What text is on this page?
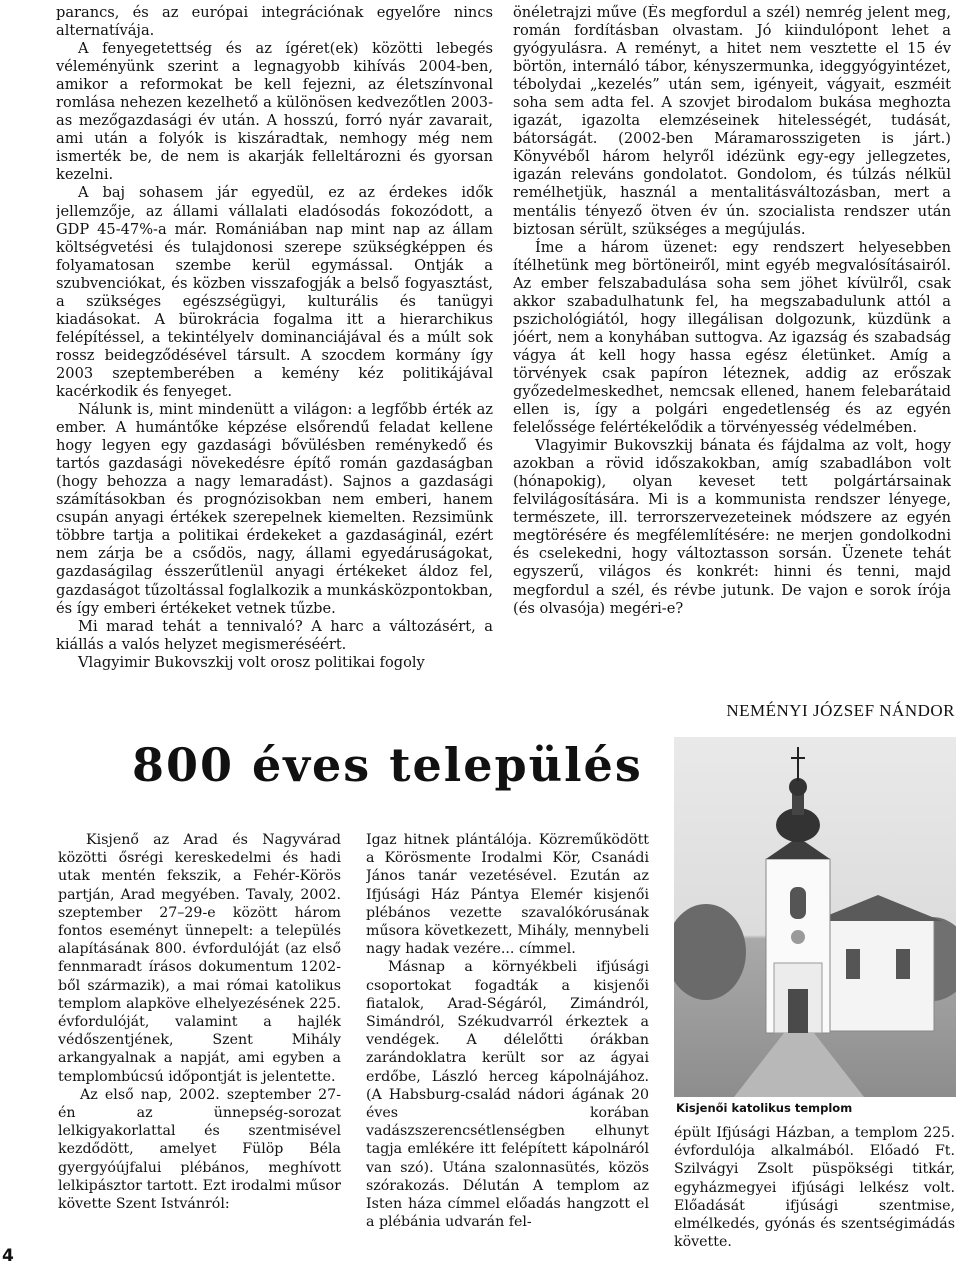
parancs, és az európai integrációnak egyelőre nincs alternatívája.

A fenyegetettség és az ígéret(ek) közötti lebegés véleményünk szerint a legnagyobb kihívás 2004-ben, amikor a reformokat be kell fejezni, az életszínvonal romlása nehezen kezelhető a különösen kedvezőtlen 2003-as mezőgazdasági év után. A hosszú, forró nyár zavarait, ami után a folyók is kiszáradtak, nemhogy még nem ismerték be, de nem is akarják felleltározni és gyorsan kezelni.

A baj sohasem jár egyedül, ez az érdekes idők jellemzője, az állami vállalati eladósodás fokozódott, a GDP 45-47%-a már. Romániában nap mint nap az állam költségvetési és tulajdonosi szerepe szükségképpen és folyamatosan szembe kerül egymással. Ontják a szubvenciókat, és közben visszafogják a belső fogyasztást, a szükséges egészségügyi, kulturális és tanügyi kiadásokat. A bürokrácia fogalma itt a hierarchikus felépítéssel, a tekintélyelv dominanciájával és a múlt sok rossz beidegződésével társult. A szocdem kormány így 2003 szeptemberében a kemény kéz politikájával kacérkodik és fenyeget.

Nálunk is, mint mindenütt a világon: a legfőbb érték az ember. A humántőke képzése elsőrendű feladat kellene hogy legyen egy gazdasági bővülésben reménykedő és tartós gazdasági növekedésre építő román gazdaságban (hogy behozza a nagy lemaradást). Sajnos a gazdasági számításokban és prognózisokban nem emberi, hanem csupán anyagi értékek szerepelnek kiemelten. Rezsimünk többre tartja a politikai érdekeket a gazdaságinál, ezért nem zárja be a csődös, nagy, állami egyedáruságokat, gazdaságilag ésszerűtlenül anyagi értékeket áldoz fel, gazdaságot tűzoltással foglalkozik a munkásközpontokban, és így emberi értékeket vetnek tűzbe.

Mi marad tehát a tennivaló? A harc a változásért, a kiállás a valós helyzet megismeréséért.

Vlagyimir Bukovszkij volt orosz politikai fogoly

önéletrajzi műve (És megfordul a szél) nemrég jelent meg, román fordításban olvastam. Jó kiindulópont lehet a gyógyulásra. A reményt, a hitet nem vesztette el 15 év börtön, internáló tábor, kényszermunka, ideggyógyintézet, tébolydai „kezelés” után sem, igényeit, vágyait, eszméit soha sem adta fel. A szovjet birodalom bukása meghozta igazát, igazolta elemzéseinek hitelességét, tudását, bátorságát. (2002-ben Máramarosszigeten is járt.) Könyvéből három helyről idézünk egy-egy jellegzetes, igazán releváns gondolatot. Gondolom, és túlzás nélkül remélhetjük, használ a mentalitásváltozásban, mert a mentális tényező ötven év ún. szocialista rendszer után biztosan sérült, szükséges a megújulás.

Íme a három üzenet: egy rendszert helyesebben ítélhetünk meg börtöneiről, mint egyéb megvalósításairól. Az ember felszabadulása soha sem jöhet kívülről, csak akkor szabadulhatunk fel, ha megszabadulunk attól a pszichológiától, hogy illegálisan dolgozunk, küzdünk a jóért, nem a konyhában suttogva. Az igazság és szabadság vágya át kell hogy hassa egész életünket. Amíg a törvények csak papíron léteznek, addig az erőszak győzedelmeskedhet, nemcsak ellened, hanem felebarátaid ellen is, így a polgári engedetlenség és az egyén felelőssége felértékelődik a törvényesség védelmében.

Vlagyimir Bukovszkij bánata és fájdalma az volt, hogy azokban a rövid időszakokban, amíg szabadlábon volt (hónapokig), olyan keveset tett polgártársainak felvilágosítására. Mi is a kommunista rendszer lényege, természete, ill. terrorszervezeteinek módszere az egyén megtörésére és megfélemlítésére: ne merjen gondolkodni és cselekedni, hogy változtasson sorsán. Üzenete tehát egyszerű, világos és konkrét: hinni és tenni, majd megfordul a szél, és révbe jutunk. De vajon e sorok írója (és olvasója) megéri-e?

NEMÉNYI JÓZSEF NÁNDOR
800 éves település

Kisjenő az Arad és Nagyvárad közötti ősrégi kereskedelmi és hadi utak mentén fekszik, a Fehér-Körös partján, Arad megyében. Tavaly, 2002. szeptember 27–29-e között három fontos eseményt ünnepelt: a település alapításának 800. évfordulóját (az első fennmaradt írásos dokumentum 1202-ből származik), a mai római katolikus templom alapköve elhelyezésének 225. évfordulóját, valamint a hajlék védőszentjének, Szent Mihály arkangyalnak a napját, ami egyben a templombúcsú időpontját is jelentette.

Az első nap, 2002. szeptember 27-én az ünnepség-sorozat lelkigyakorlattal és szentmisével kezdődött, amelyet Fülöp Béla gyergyóújfalui plébános, meghívott lelkipásztor tartott. Ezt irodalmi műsor követte Szent Istvánról:

Igaz hitnek plántálója. Közreműködött a Körösmente Irodalmi Kör, Csanádi János tanár vezetésével. Ezután az Ifjúsági Ház Pántya Elemér kisjenői plébános vezette szavalókórusának műsora következett, Mihály, mennybeli nagy hadak vezére... címmel.

Másnap a környékbeli ifjúsági csoportokat fogadták a kisjenői fiatalok, Arad-Ségáról, Zimándról, Simándról, Székudvarról érkeztek a vendégek. A délelőtti órákban zarándoklatra került sor az ágyai erdőbe, László herceg kápolnájához. (A Habsburg-család nádori ágának 20 éves korában vadászszerencsétlenségben elhunyt tagja emlékére itt felépített kápolnáról van szó). Utána szalonnasütés, közös szórakozás. Délután A templom az Isten háza címmel előadás hangzott el a plébánia udvarán fel-

Kisjenői katolikus templom

épült Ifjúsági Házban, a templom 225. évfordulója alkalmából. Előadó Ft. Szilvágyi Zsolt püspökségi titkár, egyházmegyei ifjúsági lelkész volt. Előadását ifjúsági szentmise, elmélkedés, gyónás és szentségimádás követte.

4
